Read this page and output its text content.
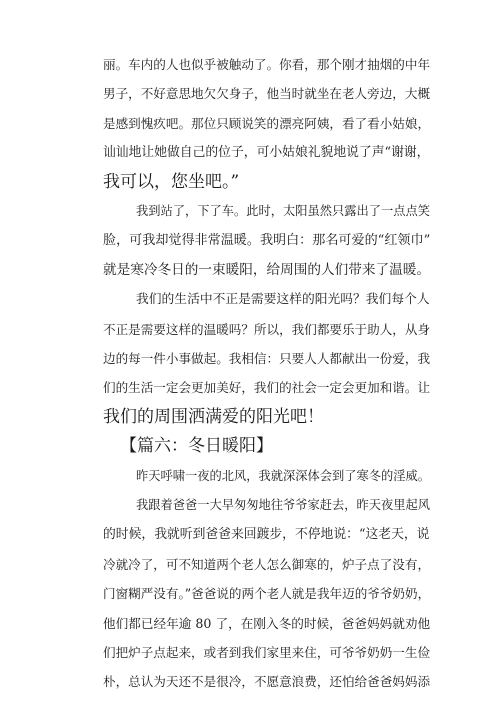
丽。车内的人也似乎被触动了。你看，那个刚才抽烟的中年

男子，不好意思地欠欠身子，他当时就坐在老人旁边，大概

是感到愧疚吧。那位只顾说笑的漂亮阿姨，看了看小姑娘，

讪讪地让她做自己的位子，可小姑娘礼貌地说了声“谢谢，

我可以，您坐吧。”

我到站了，下了车。此时，太阳虽然只露出了一点点笑

脸，可我却觉得非常温暖。我明白：那名可爱的“红领巾”

就是寒冷冬日的一束暖阳，给周围的人们带来了温暖。

我们的生活中不正是需要这样的阳光吗？我们每个人

不正是需要这样的温暖吗？所以，我们都要乐于助人，从身

边的每一件小事做起。我相信：只要人人都献出一份爱，我

们的生活一定会更加美好，我们的社会一定会更加和谐。让

我们的周围洒满爱的阳光吧！

【篇六：冬日暖阳】

昨天呼啸一夜的北风，我就深深体会到了寒冬的淫威。

我跟着爸爸一大早匆匆地往爷爷家赶去，昨天夜里起风

的时候，我就听到爸爸来回踱步，不停地说：“这老天，说

冷就冷了，可不知道两个老人怎么御寒的，炉子点了没有，

门窗糊严没有。”爸爸说的两个老人就是我年迈的爷爷奶奶，

他们都已经年逾 80 了，在刚入冬的时候，爸爸妈妈就劝他

们把炉子点起来，或者到我们家里来住，可爷爷奶奶一生俭

朴，总认为天还不是很冷，不愿意浪费，还怕给爸爸妈妈添
